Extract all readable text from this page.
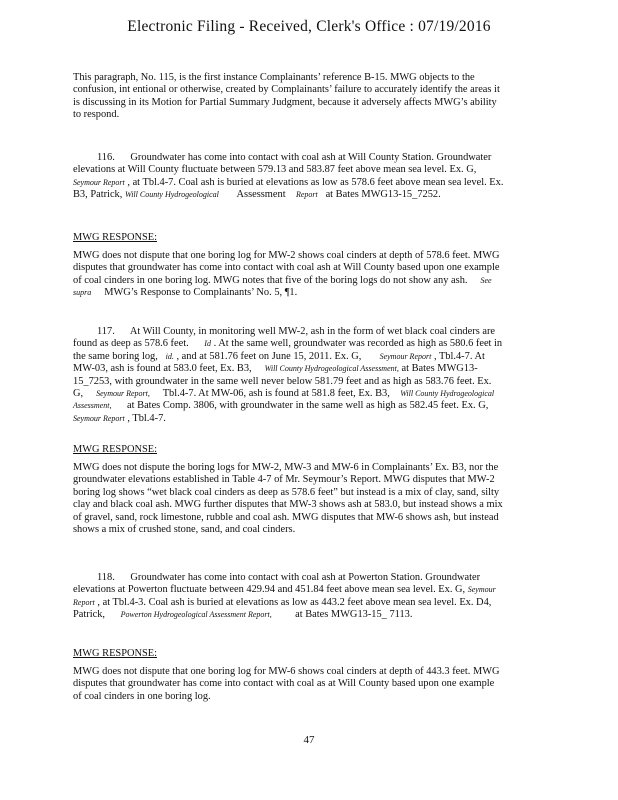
Electronic Filing - Received, Clerk's Office : 07/19/2016

This paragraph, No. 115, is the first instance Complainants’ reference B-15. MWG objects to the confusion, int entional or otherwise, created by Complainants’ failure to accurately identify the areas it is discussing in its Motion for Partial Summary Judgment, because it adversely affects MWG’s ability to respond.

116. Groundwater has come into contact with coal ash at Will County Station. Groundwater elevations at Will County fluctuate between 579.13 and 583.87 feet above mean sea level. Ex. G, Seymour Report , at Tbl.4-7. Coal ash is buried at elevations as low as 578.6 feet above mean sea level. Ex. B3, Patrick, Will County Hydrogeological Assessment Report at Bates MWG13-15_7252.

MWG RESPONSE:

MWG does not dispute that one boring log for MW-2 shows coal cinders at depth of 578.6 feet. MWG disputes that groundwater has come into contact with coal ash at Will County based upon one example of coal cinders in one boring log. MWG notes that five of the boring logs do not show any ash. See supra MWG’s Response to Complainants’ No. 5, ¶1.

117. At Will County, in monitoring well MW-2, ash in the form of wet black coal cinders are found as deep as 578.6 feet. Id . At the same well, groundwater was recorded as high as 580.6 feet in the same boring log, id. , and at 581.76 feet on June 15, 2011. Ex. G, Seymour Report , Tbl.4-7. At MW-03, ash is found at 583.0 feet, Ex. B3, Will County Hydrogeological Assessment, at Bates MWG13-15_7253, with groundwater in the same well never below 581.79 feet and as high as 583.76 feet. Ex. G, Seymour Report, Tbl.4-7. At MW-06, ash is found at 581.8 feet, Ex. B3, Will County Hydrogeological Assessment, at Bates Comp. 3806, with groundwater in the same well as high as 582.45 feet. Ex. G,     Seymour Report , Tbl.4-7.

MWG RESPONSE:

MWG does not dispute the boring logs for MW-2, MW-3 and MW-6 in Complainants’ Ex. B3, nor the groundwater elevations established in Table 4-7 of Mr. Seymour’s Report. MWG disputes that MW-2 boring log shows “wet black coal cinders as deep as 578.6 feet” but instead is a mix of clay, sand, silty clay and black coal ash. MWG further disputes that MW-3 shows ash at 583.0, but instead shows a mix of gravel, sand, rock limestone, rubble and coal ash. MWG disputes that MW-6 shows ash, but instead shows a mix of crushed stone, sand, and coal cinders.

118. Groundwater has come into contact with coal ash at Powerton Station. Groundwater elevations at Powerton fluctuate between 429.94 and 451.84 feet above mean sea level. Ex. G, Seymour Report , at Tbl.4-3. Coal ash is buried at elevations as low as 443.2 feet above mean sea level. Ex. D4, Patrick, Powerton Hydrogeological Assessment Report, at Bates MWG13-15_ 7113.

MWG RESPONSE:

MWG does not dispute that one boring log for MW-6 shows coal cinders at depth of 443.3 feet. MWG disputes that groundwater has come into contact with coal as at Will County based upon one example of coal cinders in one boring log.

47
